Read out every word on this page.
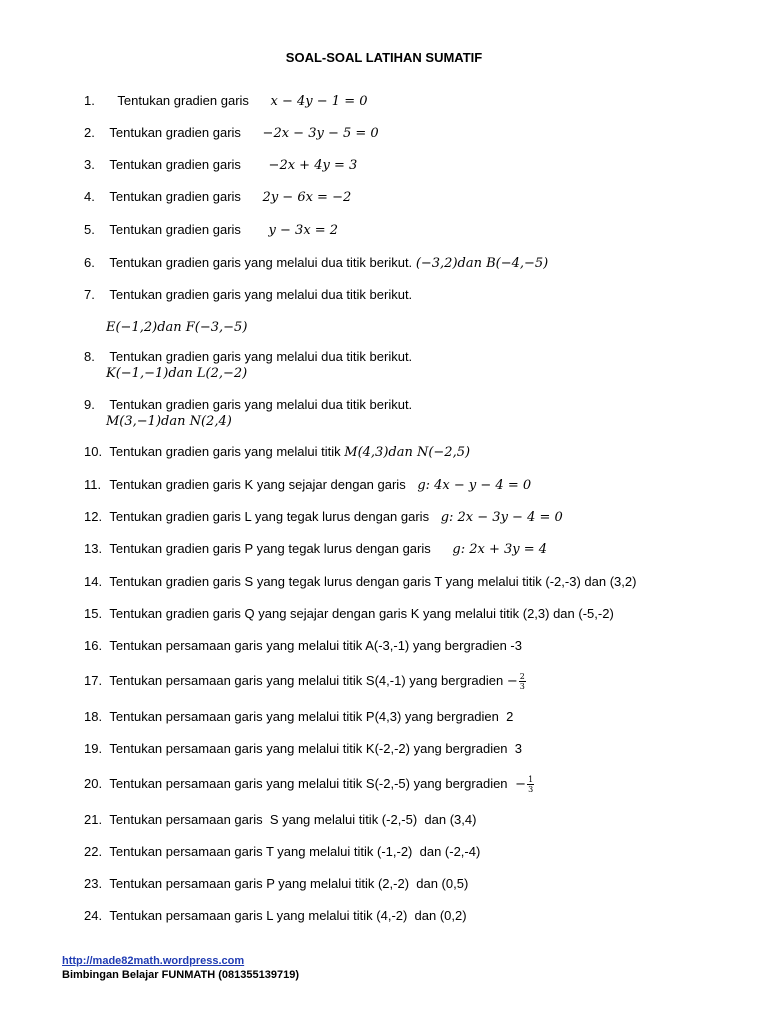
SOAL-SOAL LATIHAN SUMATIF
1. Tentukan gradien garis x − 4y − 1 = 0
2. Tentukan gradien garis −2x − 3y − 5 = 0
3. Tentukan gradien garis −2x + 4y = 3
4. Tentukan gradien garis 2y − 6x = −2
5. Tentukan gradien garis y − 3x = 2
6. Tentukan gradien garis yang melalui dua titik berikut. (−3,2)dan B(−4,−5)
7. Tentukan gradien garis yang melalui dua titik berikut.
E(−1,2)dan F(−3,−5)
8. Tentukan gradien garis yang melalui dua titik berikut.
K(−1,−1)dan L(2,−2)
9. Tentukan gradien garis yang melalui dua titik berikut.
M(3,−1)dan N(2,4)
10. Tentukan gradien garis yang melalui titik M(4,3)dan N(−2,5)
11. Tentukan gradien garis K yang sejajar dengan garis g: 4x − y − 4 = 0
12. Tentukan gradien garis L yang tegak lurus dengan garis g: 2x − 3y − 4 = 0
13. Tentukan gradien garis P yang tegak lurus dengan garis g: 2x + 3y = 4
14. Tentukan gradien garis S yang tegak lurus dengan garis T yang melalui titik (-2,-3) dan (3,2)
15. Tentukan gradien garis Q yang sejajar dengan garis K yang melalui titik (2,3) dan (-5,-2)
16. Tentukan persamaan garis yang melalui titik A(-3,-1) yang bergradien -3
17. Tentukan persamaan garis yang melalui titik S(4,-1) yang bergradien − $\frac{2}{3}$
18. Tentukan persamaan garis yang melalui titik P(4,3) yang bergradien  2
19. Tentukan persamaan garis yang melalui titik K(-2,-2) yang bergradien  3
20. Tentukan persamaan garis yang melalui titik S(-2,-5) yang bergradien − $\frac{1}{3}$
21. Tentukan persamaan garis  S yang melalui titik (-2,-5)  dan (3,4)
22. Tentukan persamaan garis T yang melalui titik (-1,-2)  dan (-2,-4)
23. Tentukan persamaan garis P yang melalui titik (2,-2)  dan (0,5)
24. Tentukan persamaan garis L yang melalui titik (4,-2)  dan (0,2)
http://made82math.wordpress.com
Bimbingan Belajar FUNMATH (081355139719)
